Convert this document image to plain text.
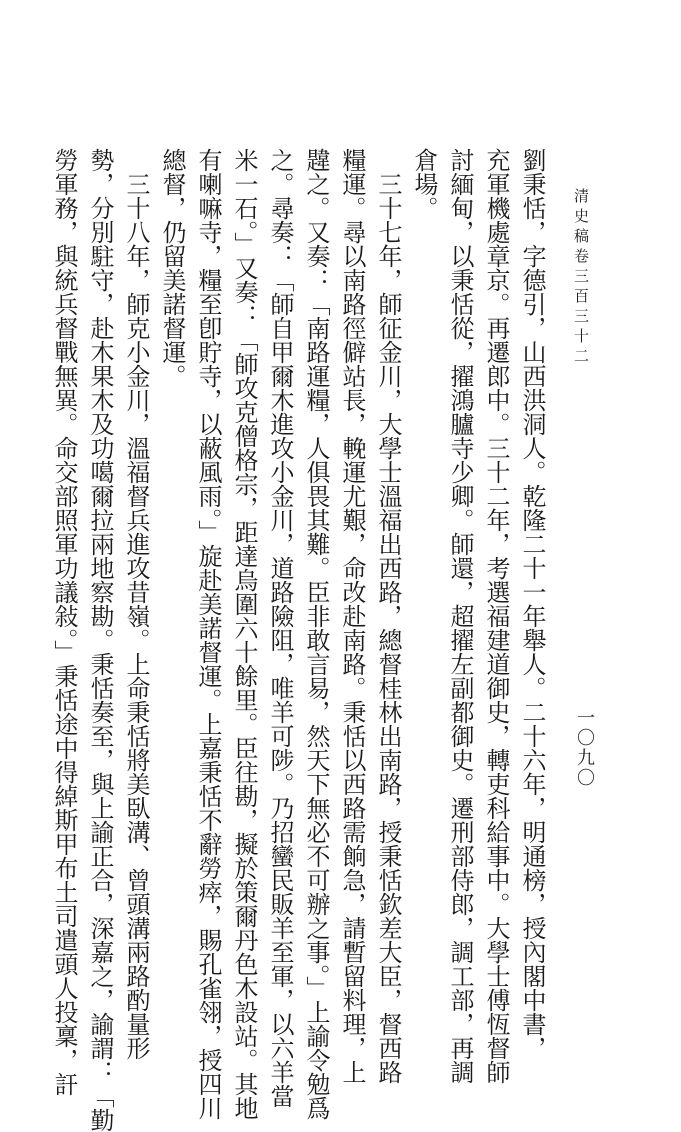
清史稿卷三百三十二
一〇九〇
劉秉恬，字德引，山西洪洞人。乾隆二十一年舉人。二十六年，明通榜，授內閣中書，
充軍機處章京。再遷郎中。三十二年，考選福建道御史，轉吏科給事中。大學士傅恆督師
討緬甸，以秉恬從，擢鴻臚寺少卿。師還，超擢左副都御史。遷刑部侍郎，調工部，再調
倉場。
　三十七年，師征金川，大學士溫福出西路，總督桂林出南路，授秉恬欽差大臣，督西路
糧運。尋以南路徑僻站長，輓運尤艱，命改赴南路。秉恬以西路需餉急，請暫留料理，上
韙之。又奏：「南路運糧，人俱畏其難。臣非敢言易，然天下無必不可辦之事。」上諭令勉爲
之。尋奏：「師自甲爾木進攻小金川，道路險阻，唯羊可陟。乃招蠻民販羊至軍，以六羊當
米一石。」又奏：「師攻克僧格宗，距達烏圍六十餘里。臣往勘，擬於策爾丹色木設站。其地
有喇嘛寺，糧至卽貯寺，以蔽風雨。」旋赴美諾督運。上嘉秉恬不辭勞瘁，賜孔雀翎，授四川
總督，仍留美諾督運。
　三十八年，師克小金川，溫福督兵進攻昔嶺。上命秉恬將美臥溝、曾頭溝兩路酌量形
勢，分別駐守，赴木果木及功噶爾拉兩地察勘。秉恬奏至，與上諭正合，深嘉之，諭謂：「勤
勞軍務，與統兵督戰無異。命交部照軍功議敍。」秉恬途中得綽斯甲布土司遣頭人投稟，訐
